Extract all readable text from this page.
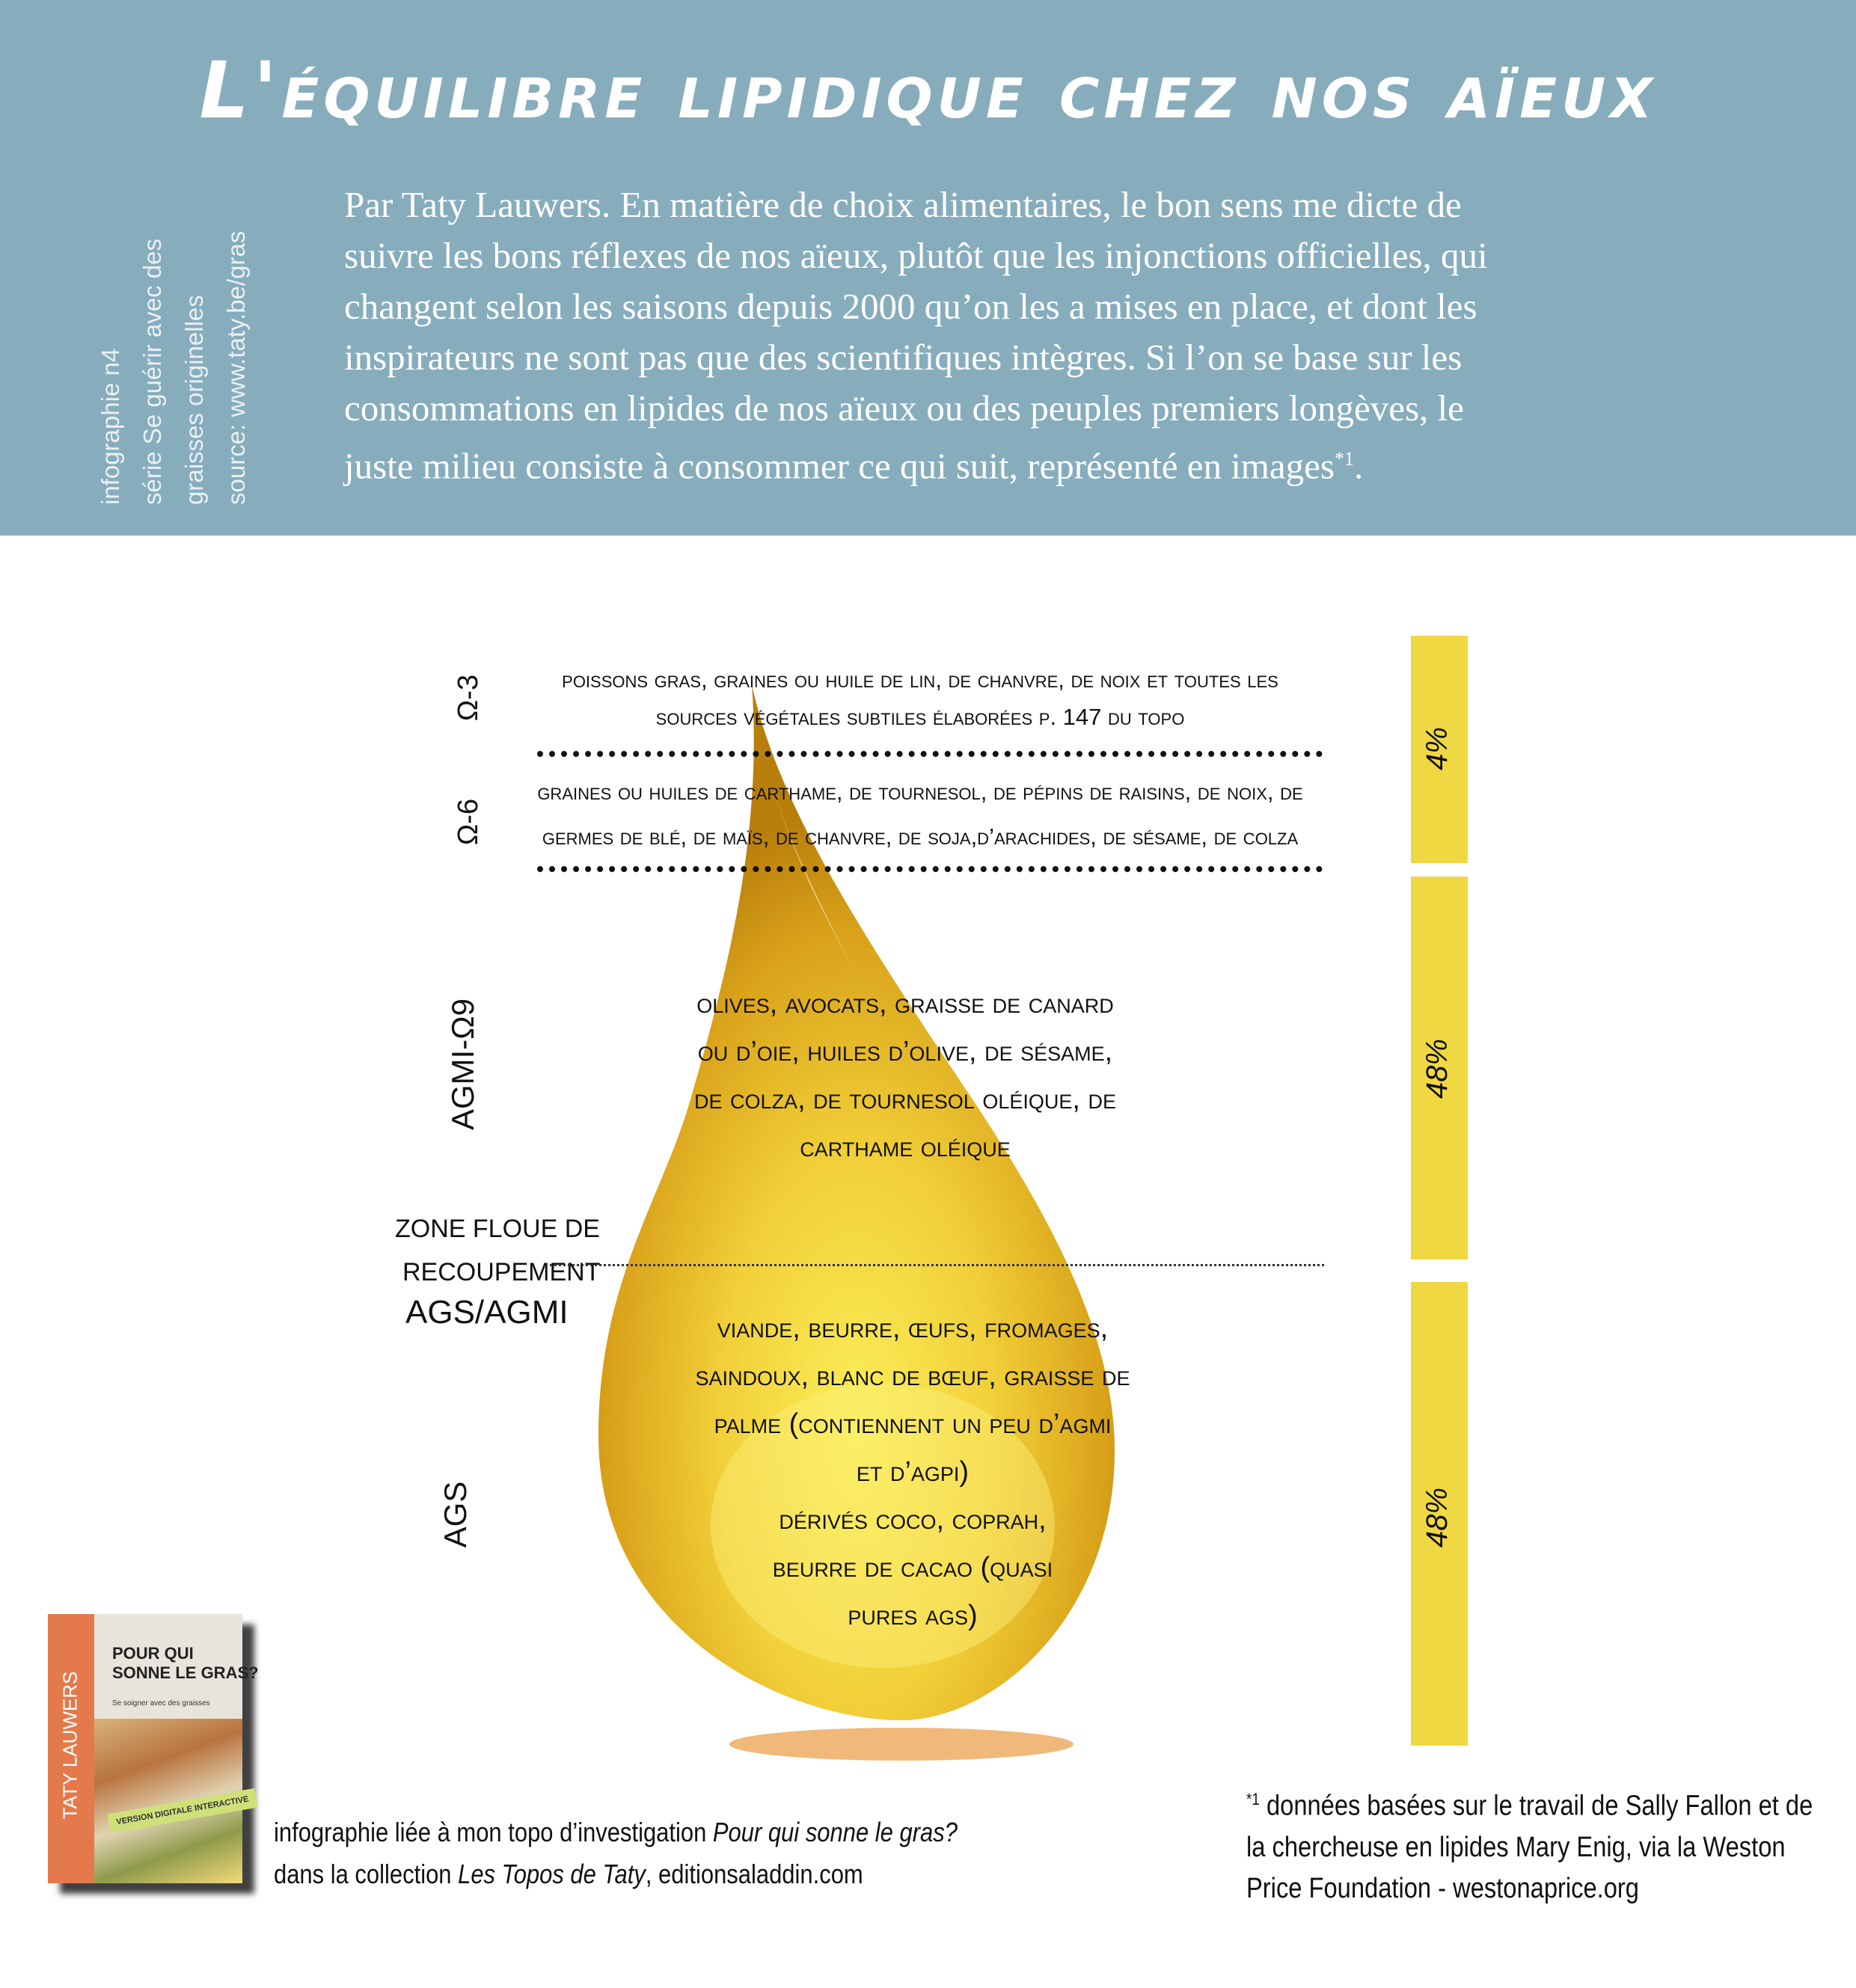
L'équilibre lipidique chez nos aïeux
infographie n4 série Se guérir avec des graisses originelles source: www.taty.be/gras
Par Taty Lauwers. En matière de choix alimentaires, le bon sens me dicte de
suivre les bons réflexes de nos aïeux, plutôt que les injonctions officielles, qui
changent selon les saisons depuis 2000 qu’on les a mises en place, et dont les
inspirateurs ne sont pas que des scientifiques intègres. Si l’on se base sur les
consommations en lipides de nos aïeux ou des peuples premiers longèves, le
juste milieu consiste à consommer ce qui suit, représenté en images$^{*1}$.
Ω-3	poissons gras, graines ou huile de lin, de chanvre, de noix et toutes les
sources végétales subtiles élaborées p. 147 du topo
Ω-6
graines ou huiles de carthame, de tournesol, de pépins de raisins, de noix, de
germes de blé, de maïs, de chanvre, de soja,d’arachides, de sésame, de colza
AGMI-Ω9	olives, avocats, graisse de canard
ou d’oie, huiles d’olive, de sésame,
de colza, de tournesol oléique, de
carthame oléique
ZONE FLOUE DE
RECOUPEMENT
AGS/AGMI
AGS
viande, beurre, œufs, fromages,
saindoux, blanc de bœuf, graisse de
palme (contiennent un peu d’agmi
et d’agpi)
dérivés coco, coprah,
beurre de cacao (quasi
pures ags)
4%
48%
48%
TATY LAUWERS
POUR QUI
SONNE LE GRAS?
Se soigner avec des graisses
VERSION DIGITALE INTERACTIVE
infographie liée à mon topo d’investigation Pour qui sonne le gras?
dans la collection Les Topos de Taty, editionsaladdin.com
$^{*1}$ données basées sur le travail de Sally Fallon et de
la chercheuse en lipides Mary Enig, via la Weston
Price Foundation - westonaprice.org
